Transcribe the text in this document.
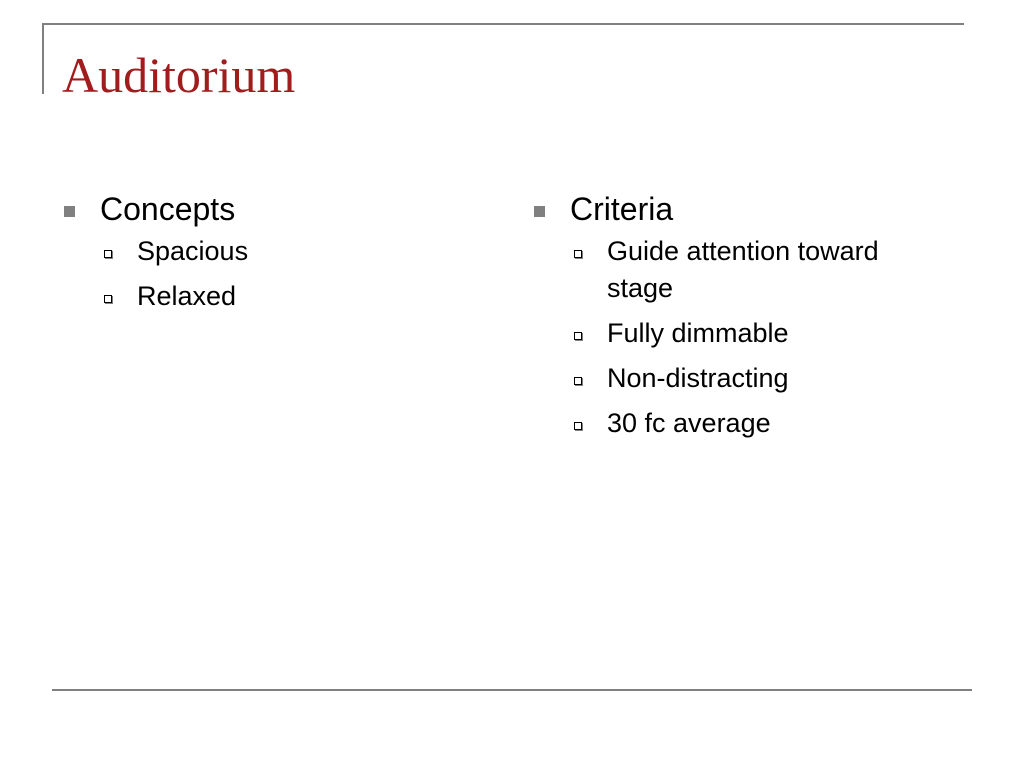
Auditorium
Concepts
Spacious
Relaxed
Criteria
Guide attention toward stage
Fully dimmable
Non-distracting
30 fc average
